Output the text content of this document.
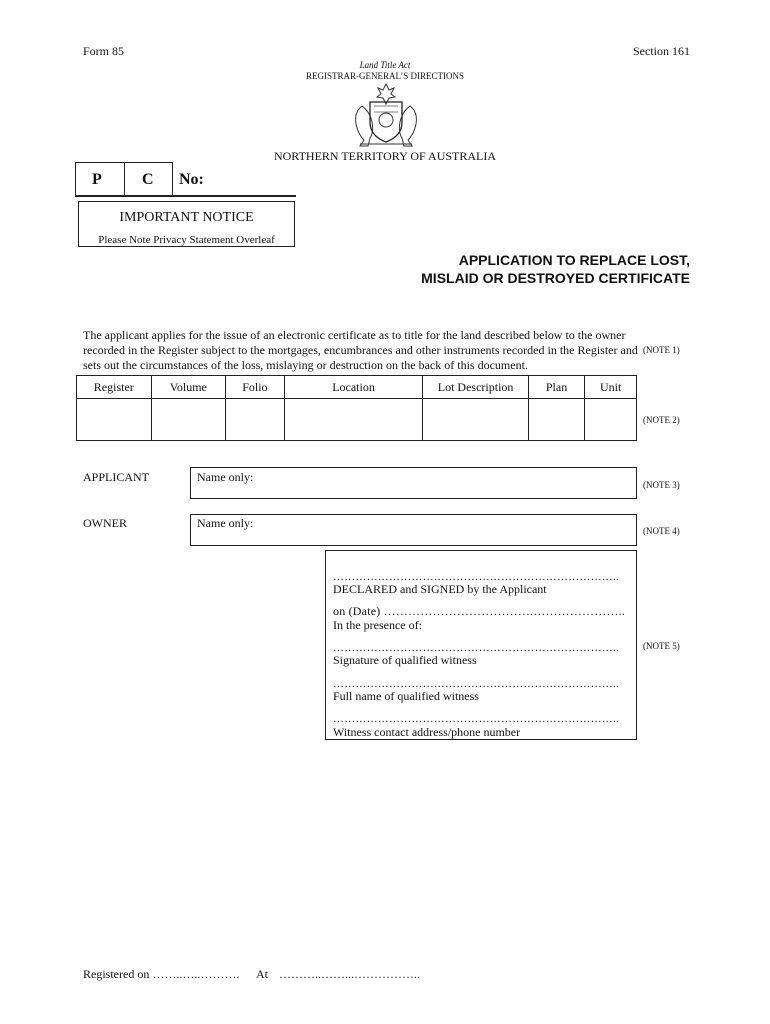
Form 85	Section 161
Land Title Act
REGISTRAR-GENERAL’S DIRECTIONS
NORTHERN TERRITORY OF AUSTRALIA
P	C No:
IMPORTANT NOTICE
Please Note Privacy Statement Overleaf
APPLICATION TO REPLACE LOST,
MISLAID OR DESTROYED CERTIFICATE
The applicant applies for the issue of an electronic certificate as to title for the land described below to the owner
recorded in the Register subject to the mortgages, encumbrances and other instruments recorded in the Register and
sets out the circumstances of the loss, mislaying or destruction on the back of this document.
(NOTE 1)
Register	Volume	Folio	Location	Lot Description	Plan	Unit

(NOTE 2)
APPLICANT	Name only:
(NOTE 3)
OWNER	Name only:
(NOTE 4)
…………………………………………………………………..
DECLARED and SIGNED by the Applicant
on (Date) ……………………………….…………………..
In the presence of:
…………………………………………………………………..
Signature of qualified witness
…………………………………………………………………..
Full name of qualified witness
…………………………………………………………………..
Witness contact address/phone number
(NOTE 5)
Registered on ……..…..………. At ………..……...……………..
